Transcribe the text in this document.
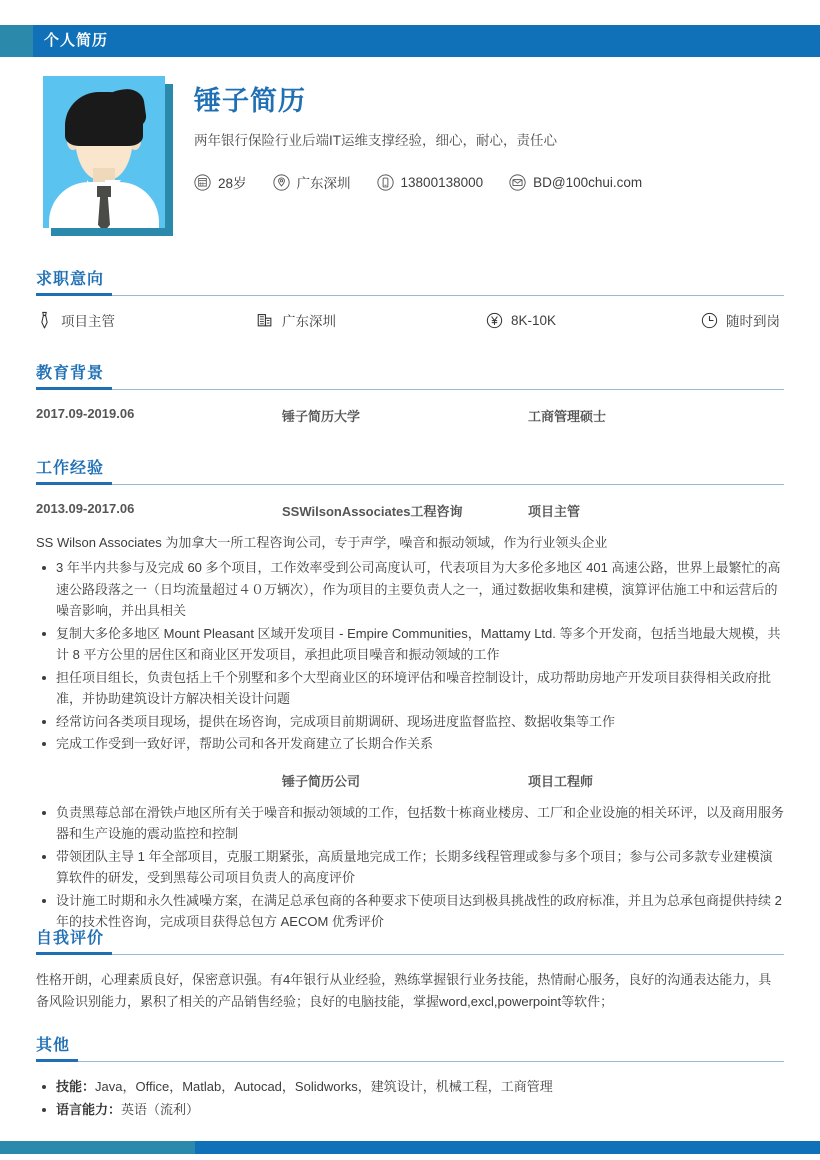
个人简历
锤子简历
两年银行保险行业后端IT运维支撑经验，细心，耐心，责任心
28岁	广东深圳	13800138000	BD@100chui.com
求职意向
项目主管	广东深圳	8K-10K	随时到岗
教育背景
2017.09-2019.06	锤子简历大学	工商管理硕士
工作经验
2013.09-2017.06	SSWilsonAssociates工程咨询	项目主管
SS Wilson Associates 为加拿大一所工程咨询公司，专于声学，噪音和振动领域，作为行业领头企业
3 年半内共参与及完成 60 多个项目，工作效率受到公司高度认可，代表项目为大多伦多地区 401 高速公路，世界上最繁忙的高速公路段落之一（日均流量超过４０万辆次），作为项目的主要负责人之一，通过数据收集和建模，演算评估施工中和运营后的噪音影响，并出具相关
复制大多伦多地区 Mount Pleasant 区域开发项目 - Empire Communities，Mattamy Ltd. 等多个开发商，包括当地最大规模，共计 8 平方公里的居住区和商业区开发项目，承担此项目噪音和振动领域的工作
担任项目组长，负责包括上千个别墅和多个大型商业区的环境评估和噪音控制设计，成功帮助房地产开发项目获得相关政府批准，并协助建筑设计方解决相关设计问题
经常访问各类项目现场，提供在场咨询，完成项目前期调研、现场进度监督监控、数据收集等工作
完成工作受到一致好评，帮助公司和各开发商建立了长期合作关系
锤子简历公司	项目工程师
负责黑莓总部在滑铁卢地区所有关于噪音和振动领域的工作，包括数十栋商业楼房、工厂和企业设施的相关环评，以及商用服务器和生产设施的震动监控和控制
带领团队主导 1 年全部项目，克服工期紧张，高质量地完成工作；长期多线程管理或参与多个项目；参与公司多款专业建模演算软件的研发，受到黑莓公司项目负责人的高度评价
设计施工时期和永久性减噪方案，在满足总承包商的各种要求下使项目达到极具挑战性的政府标准，并且为总承包商提供持续 2 年的技术性咨询，完成项目获得总包方 AECOM 优秀评价
自我评价
性格开朗，心理素质良好，保密意识强。有4年银行从业经验，熟练掌握银行业务技能，热情耐心服务，良好的沟通表达能力，具备风险识别能力，累积了相关的产品销售经验；良好的电脑技能，掌握word,excl,powerpoint等软件；
其他
技能：Java，Office，Matlab，Autocad，Solidworks，建筑设计，机械工程，工商管理
语言能力：英语（流利）
